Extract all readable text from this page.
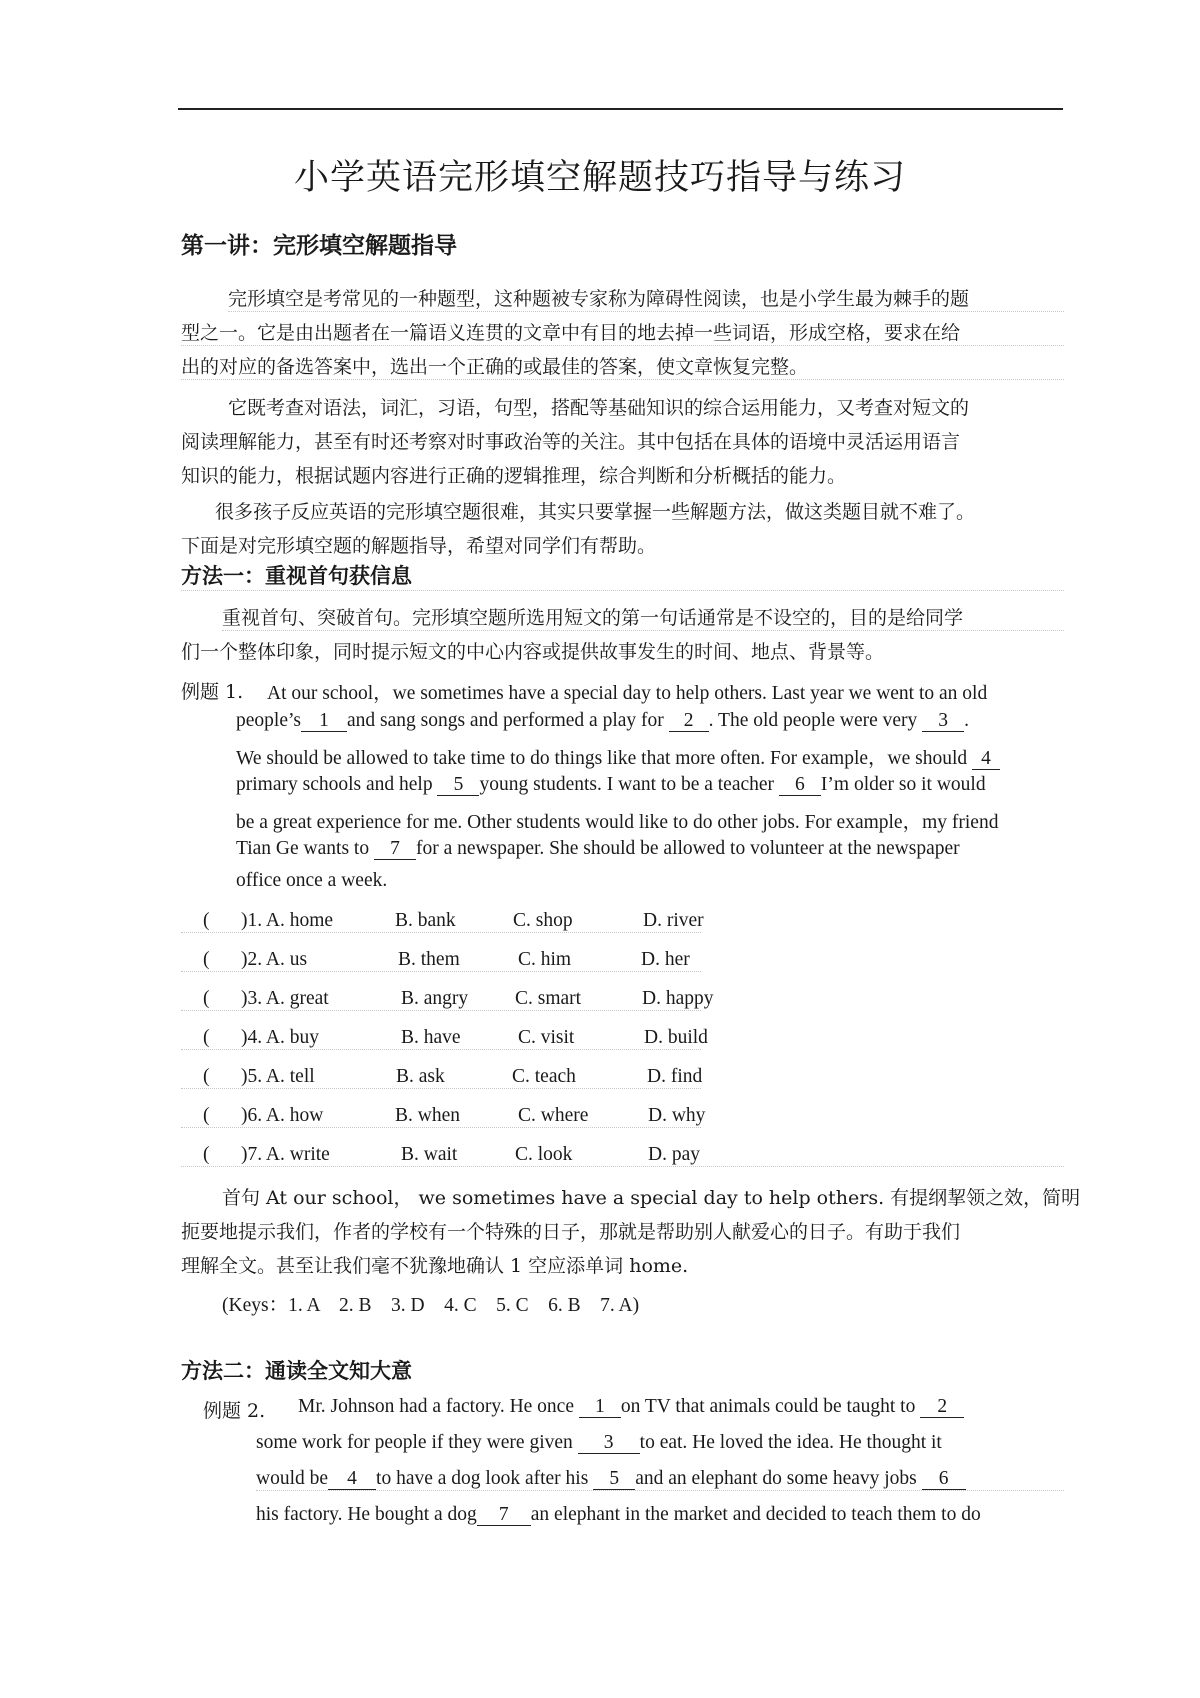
小学英语完形填空解题技巧指导与练习
第一讲：完形填空解题指导
完形填空是考常见的一种题型，这种题被专家称为障碍性阅读，也是小学生最为棘手的题
型之一。它是由出题者在一篇语义连贯的文章中有目的地去掉一些词语，形成空格，要求在给
出的对应的备选答案中，选出一个正确的或最佳的答案，使文章恢复完整。
它既考查对语法，词汇，习语，句型，搭配等基础知识的综合运用能力，又考查对短文的
阅读理解能力，甚至有时还考察对时事政治等的关注。其中包括在具体的语境中灵活运用语言
知识的能力，根据试题内容进行正确的逻辑推理，综合判断和分析概括的能力。
很多孩子反应英语的完形填空题很难，其实只要掌握一些解题方法，做这类题目就不难了。
下面是对完形填空题的解题指导，希望对同学们有帮助。
方法一：重视首句获信息
重视首句、突破首句。完形填空题所选用短文的第一句话通常是不设空的，目的是给同学
们一个整体印象，同时提示短文的中心内容或提供故事发生的时间、地点、背景等。
例题 1. At our school，we sometimes have a special day to help others. Last year we went to an old
people’s 1 and sang songs and performed a play for 2 . The old people were very 3 .
We should be allowed to take time to do things like that more often. For example，we should 4
primary schools and help 5 young students. I want to be a teacher 6 I’m older so it would
be a great experience for me. Other students would like to do other jobs. For example，my friend
Tian Ge wants to 7 for a newspaper. She should be allowed to volunteer at the newspaper
office once a week.
( )1. A. home	B. bank	C. shop	D. river

( )2. A. us	B. them	C. him	D. her

( )3. A. great	B. angry C. smart	D. happy

( )4. A. buy	B. have	C. visit	D. build

( )5. A. tell	B. ask	C. teach	D. find

( )6. A. how	B. when	C. where	D. why

( )7. A. write	B. wait	C. look	D. pay

首句 At our school， we sometimes have a special day to help others. 有提纲挈领之效，简明
扼要地提示我们，作者的学校有一个特殊的日子，那就是帮助别人献爱心的日子。有助于我们
理解全文。甚至让我们毫不犹豫地确认 1 空应添单词 home.
(Keys：1. A　2. B　3. D　4. C　5. C　6. B　7. A)
方法二：通读全文知大意
例题 2. Mr. Johnson had a factory. He once 1 on TV that animals could be taught to 2
some work for people if they were given 3 to eat. He loved the idea. He thought it
would be 4 to have a dog look after his 5 and an elephant do some heavy jobs 6
his factory. He bought a dog 7 an elephant in the market and decided to teach them to do
